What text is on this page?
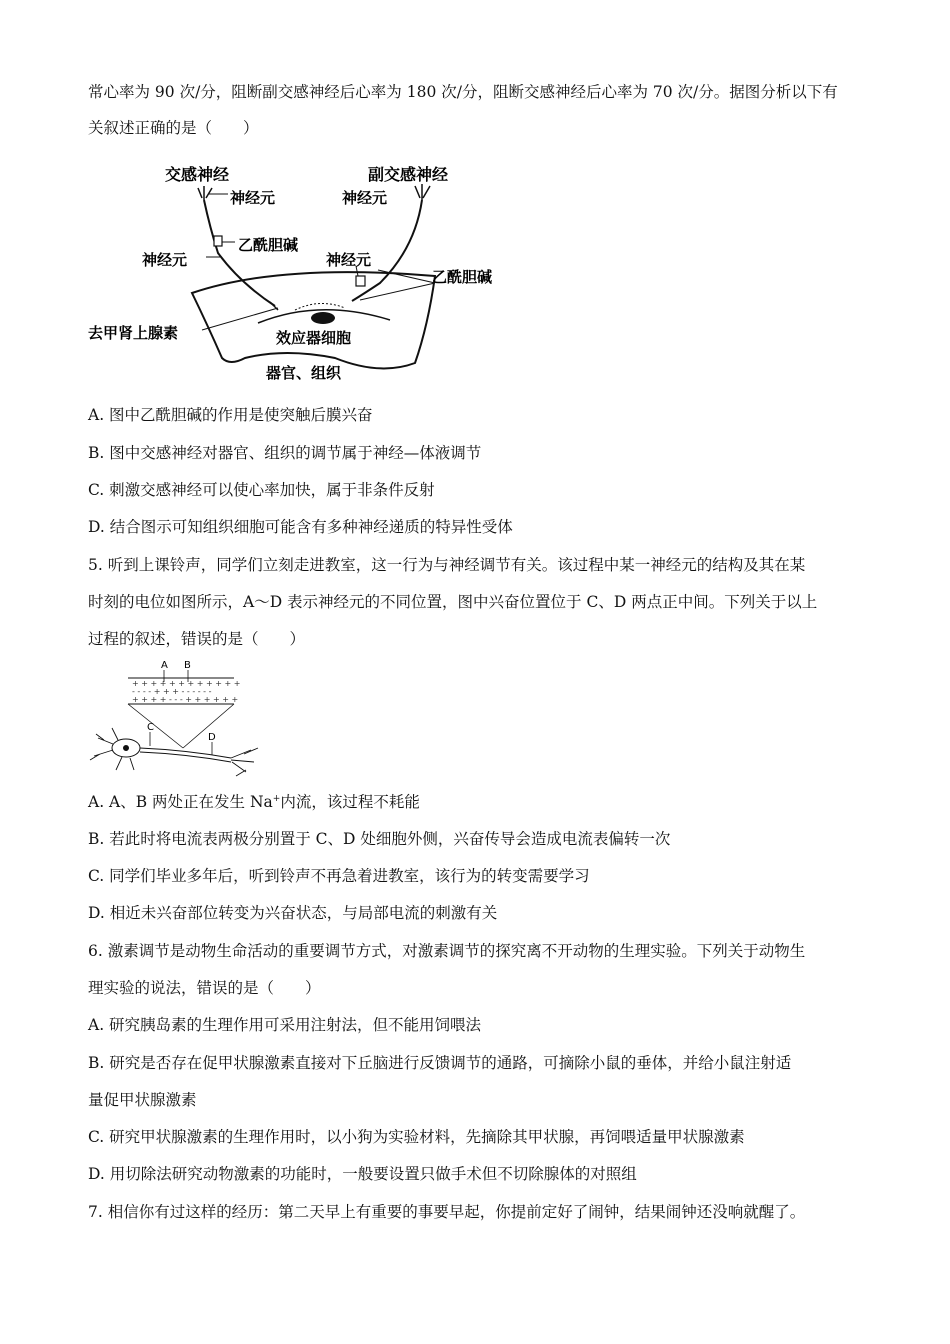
常心率为 90 次/分，阻断副交感神经后心率为 180 次/分，阻断交感神经后心率为 70 次/分。据图分析以下有
关叙述正确的是（　　）
交感神经	副交感神经
神经元	神经元
乙酰胆碱
神经元	神经元
乙酰胆碱
去甲肾上腺素	效应器细胞
器官、组织
A. 图中乙酰胆碱的作用是使突触后膜兴奋
B. 图中交感神经对器官、组织的调节属于神经—体液调节
C. 刺激交感神经可以使心率加快，属于非条件反射
D. 结合图示可知组织细胞可能含有多种神经递质的特异性受体
5. 听到上课铃声，同学们立刻走进教室，这一行为与神经调节有关。该过程中某一神经元的结构及其在某
时刻的电位如图所示，A～D 表示神经元的不同位置，图中兴奋位置位于 C、D 两点正中间。下列关于以上
过程的叙述，错误的是（　　）
+ + + + + + + + + + + +
- - - - + + + - - - - - -
+ + + + - - - + + + + + +
A B
C
D
A. A、B 两处正在发生 Na+内流，该过程不耗能
B. 若此时将电流表两极分别置于 C、D 处细胞外侧，兴奋传导会造成电流表偏转一次
C. 同学们毕业多年后，听到铃声不再急着进教室，该行为的转变需要学习
D. 相近未兴奋部位转变为兴奋状态，与局部电流的刺激有关
6. 激素调节是动物生命活动的重要调节方式，对激素调节的探究离不开动物的生理实验。下列关于动物生
理实验的说法，错误的是（　　）
A. 研究胰岛素的生理作用可采用注射法，但不能用饲喂法
B. 研究是否存在促甲状腺激素直接对下丘脑进行反馈调节的通路，可摘除小鼠的垂体，并给小鼠注射适
量促甲状腺激素
C. 研究甲状腺激素的生理作用时，以小狗为实验材料，先摘除其甲状腺，再饲喂适量甲状腺激素
D. 用切除法研究动物激素的功能时，一般要设置只做手术但不切除腺体的对照组
7. 相信你有过这样的经历：第二天早上有重要的事要早起，你提前定好了闹钟，结果闹钟还没响就醒了。
